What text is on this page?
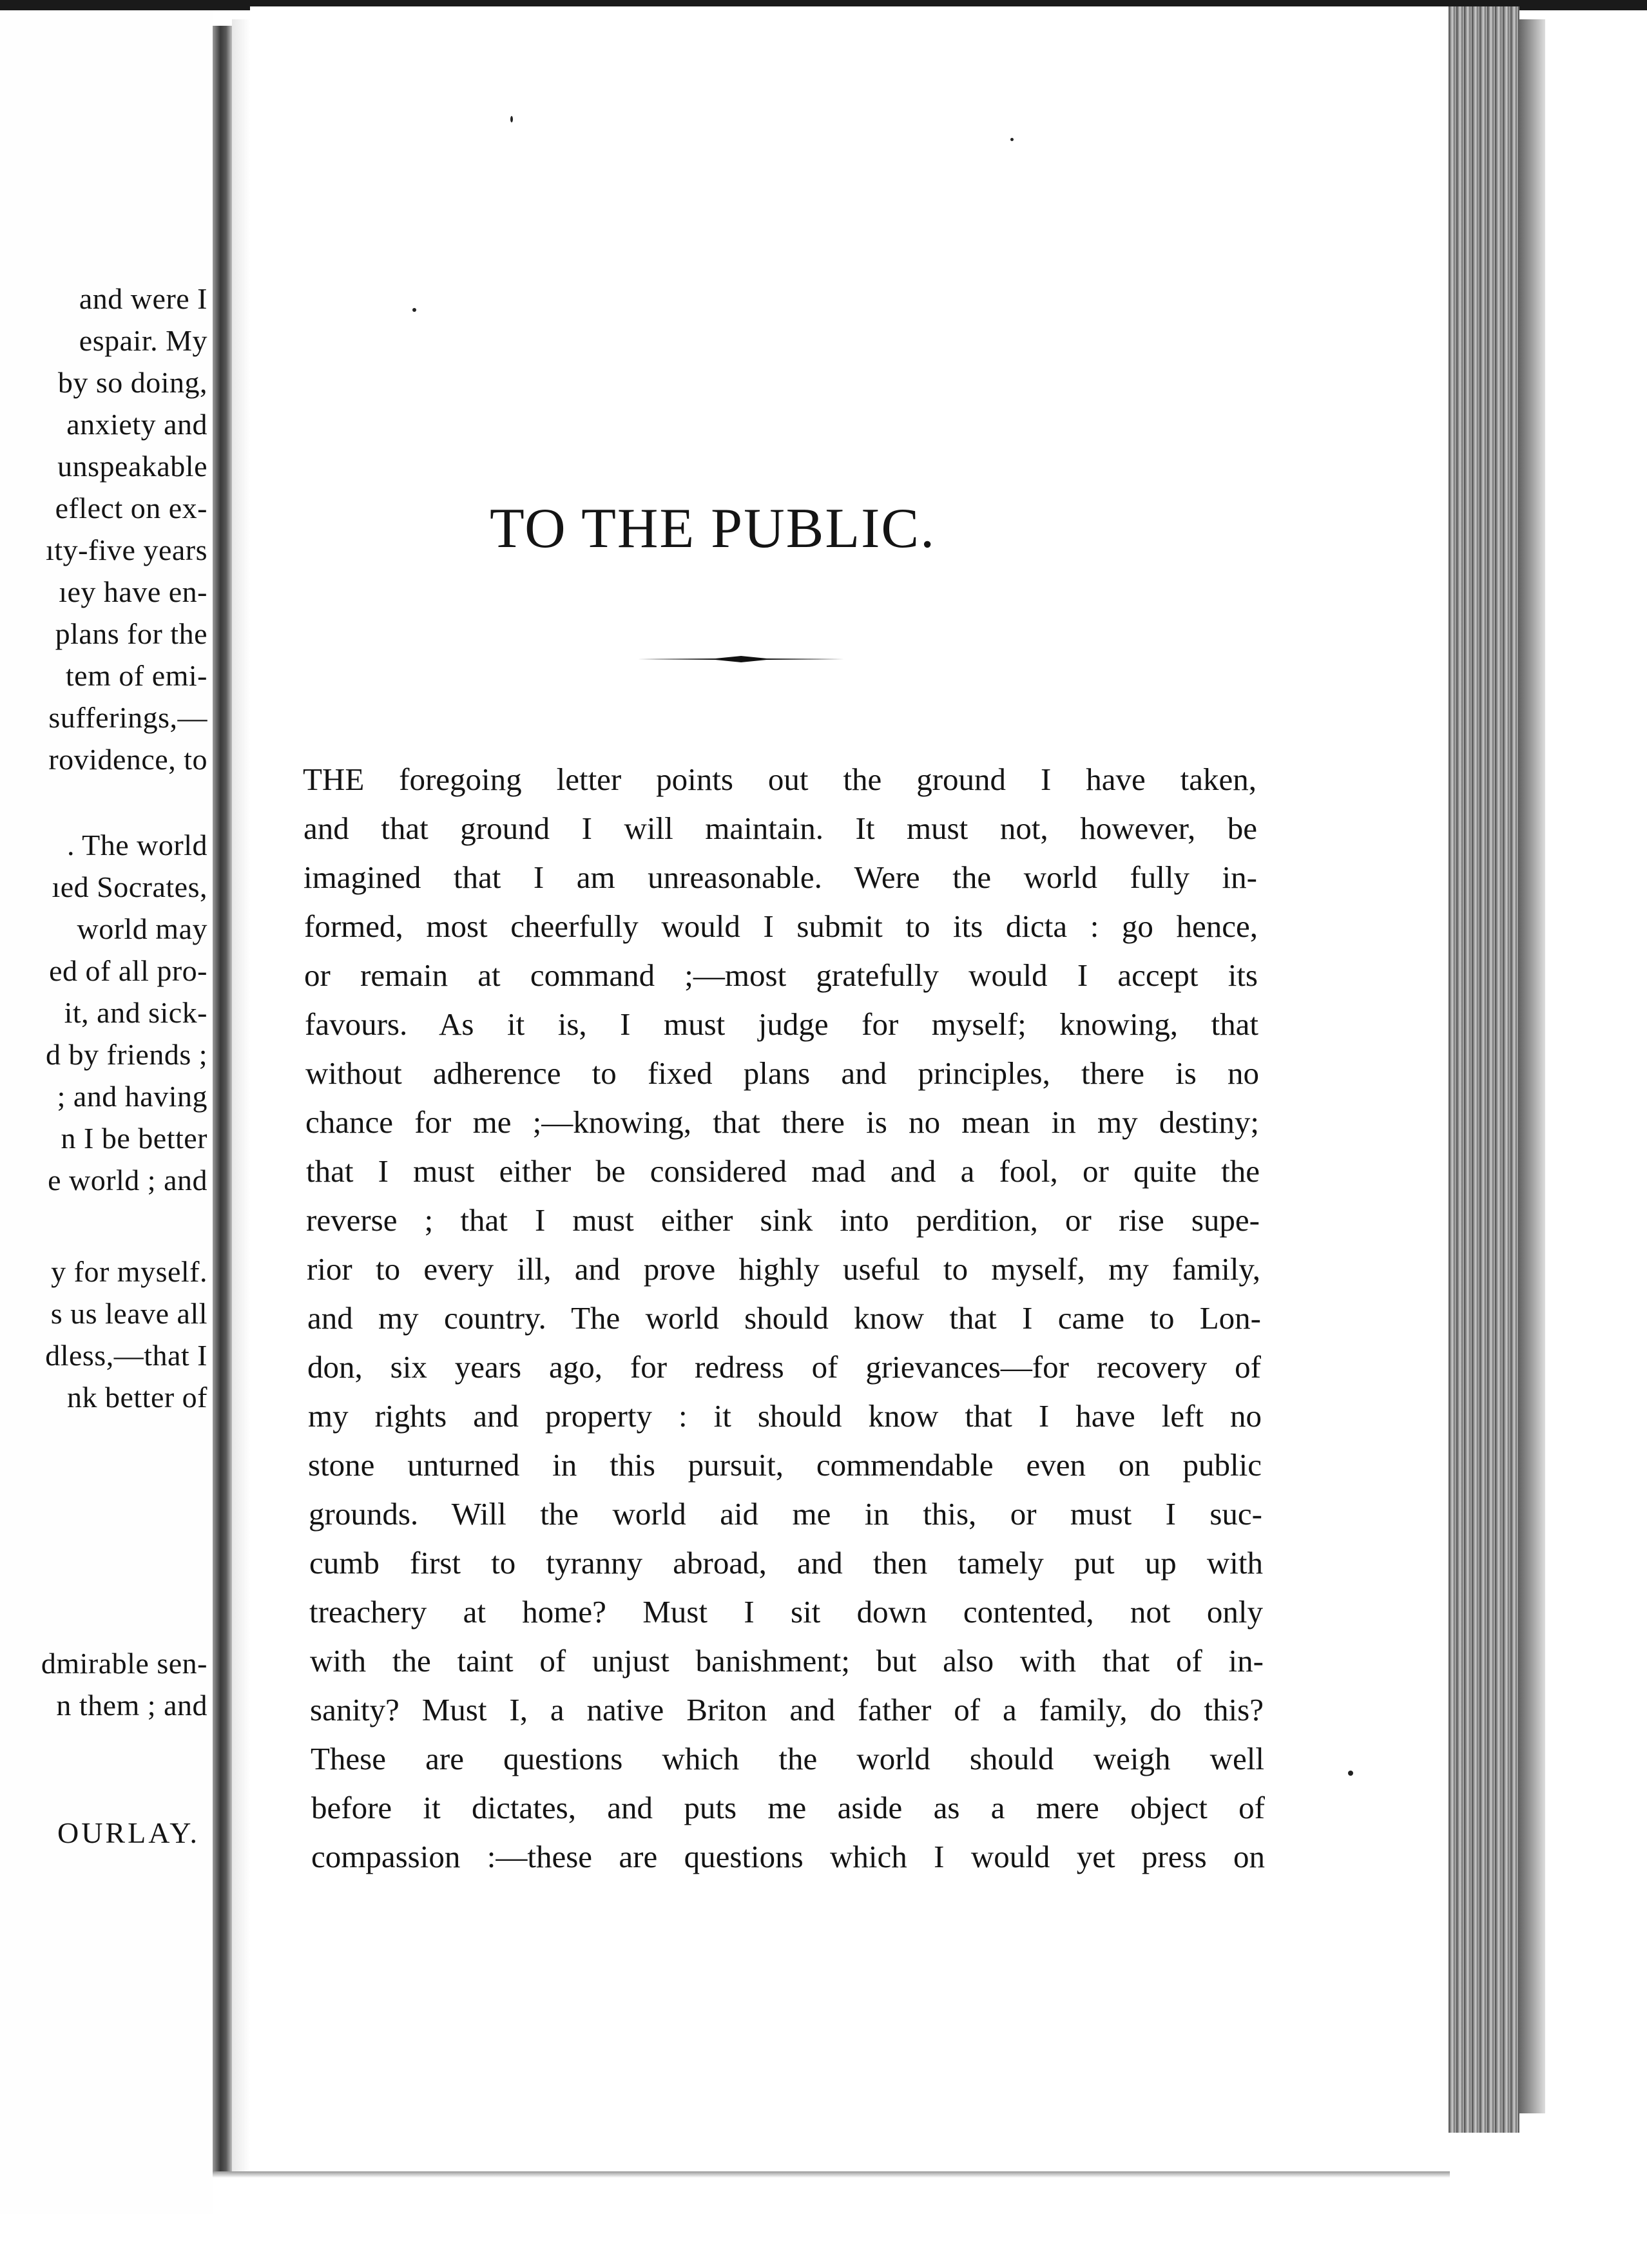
and were I
espair. My
by so doing,
anxiety and
unspeakable
eflect on ex-
ıty-five years
ıey have en-
plans for the
tem of emi-
sufferings,—
rovidence, to
. The world
ıed Socrates,
world may
ed of all pro-
it, and sick-
d by friends ;
; and having
n I be better
e world ; and
y for myself.
s us leave all
dless,—that I
nk better of
dmirable sen-
n them ; and
OURLAY.
TO THE PUBLIC.
THE foregoing letter points out the ground I have taken,
and that ground I will maintain. It must not, however, be
imagined that I am unreasonable. Were the world fully in-
formed, most cheerfully would I submit to its dicta : go hence,
or remain at command ;—most gratefully would I accept its
favours. As it is, I must judge for myself; knowing, that
without adherence to fixed plans and principles, there is no
chance for me ;—knowing, that there is no mean in my destiny;
that I must either be considered mad and a fool, or quite the
reverse ; that I must either sink into perdition, or rise supe-
rior to every ill, and prove highly useful to myself, my family,
and my country. The world should know that I came to Lon-
don, six years ago, for redress of grievances—for recovery of
my rights and property : it should know that I have left no
stone unturned in this pursuit, commendable even on public
grounds. Will the world aid me in this, or must I suc-
cumb first to tyranny abroad, and then tamely put up with
treachery at home? Must I sit down contented, not only
with the taint of unjust banishment; but also with that of in-
sanity? Must I, a native Briton and father of a family, do this?
These are questions which the world should weigh well
before it dictates, and puts me aside as a mere object of
compassion :—these are questions which I would yet press on
